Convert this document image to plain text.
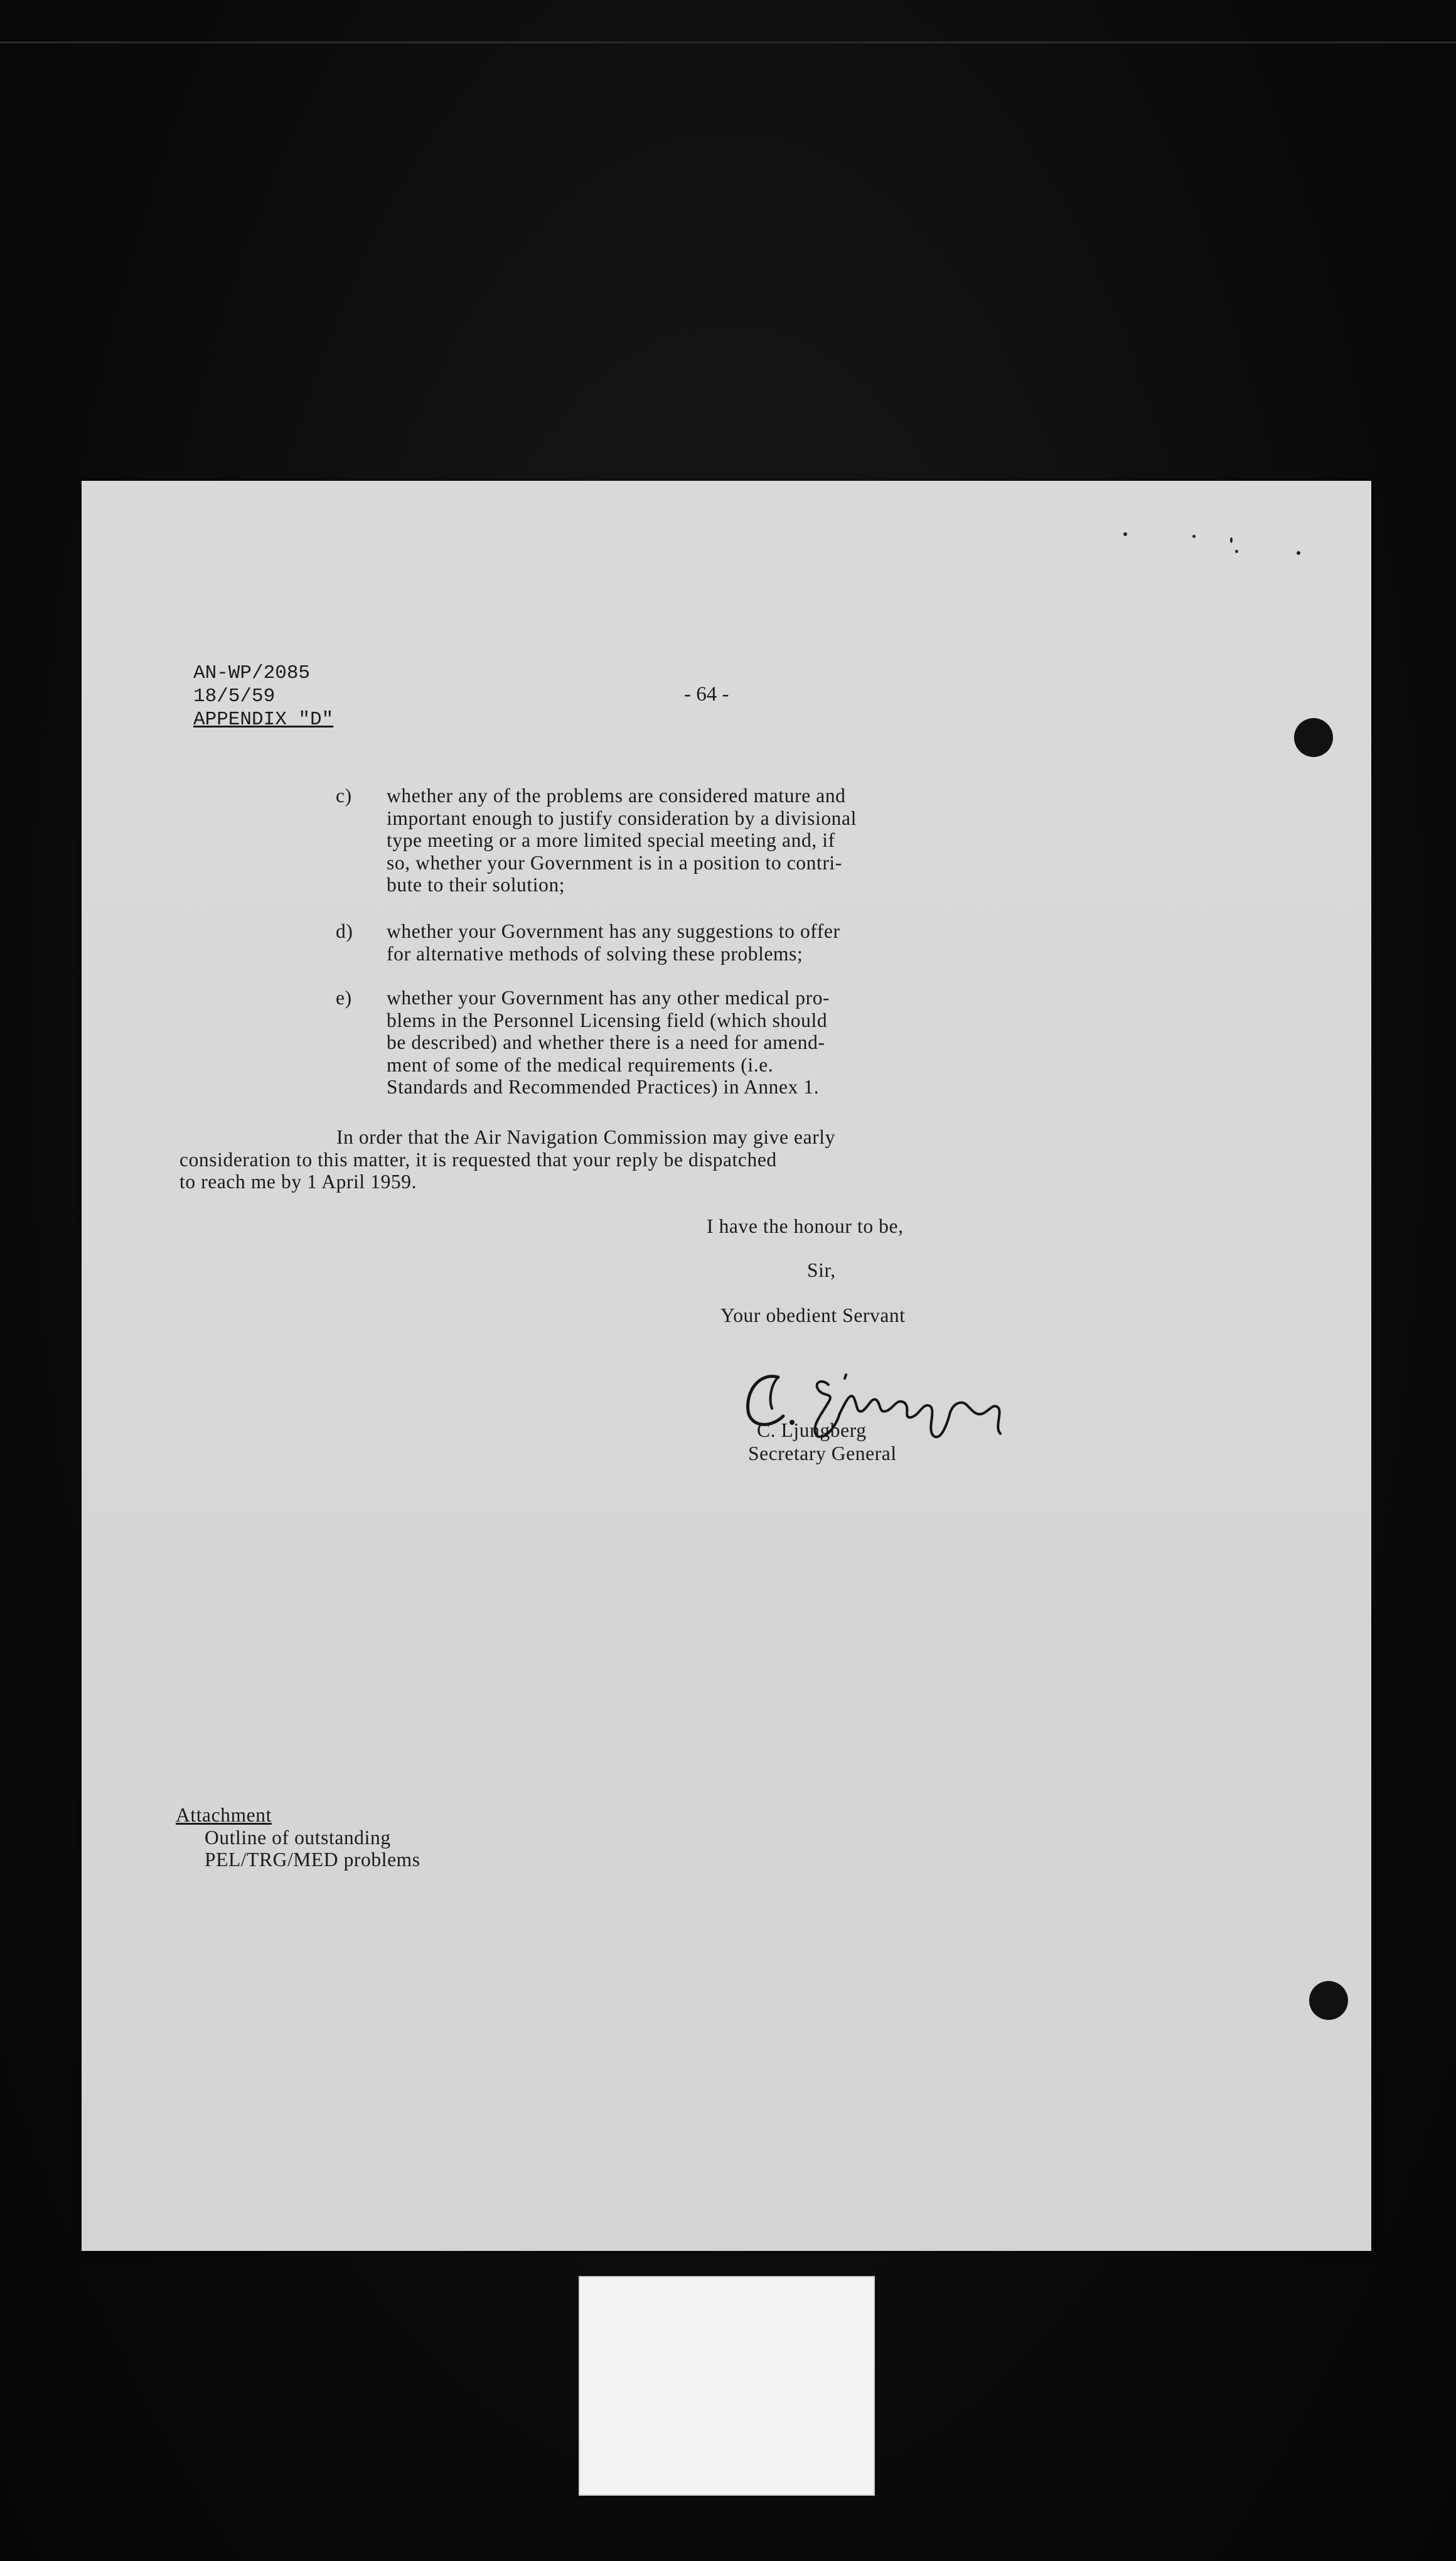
AN-WP/2085
18/5/59
APPENDIX "D"
- 64 -
c) whether any of the problems are considered mature and
important enough to justify consideration by a divisional
type meeting or a more limited special meeting and, if
so, whether your Government is in a position to contri-
bute to their solution;
d) whether your Government has any suggestions to offer
for alternative methods of solving these problems;
e) whether your Government has any other medical pro-
blems in the Personnel Licensing field (which should
be described) and whether there is a need for amend-
ment of some of the medical requirements (i.e.
Standards and Recommended Practices) in Annex 1.
In order that the Air Navigation Commission may give early
consideration to this matter, it is requested that your reply be dispatched
to reach me by 1 April 1959.
I have the honour to be,
Sir,
Your obedient Servant
C. Ljungberg
Secretary General
Attachment
Outline of outstanding
PEL/TRG/MED problems
